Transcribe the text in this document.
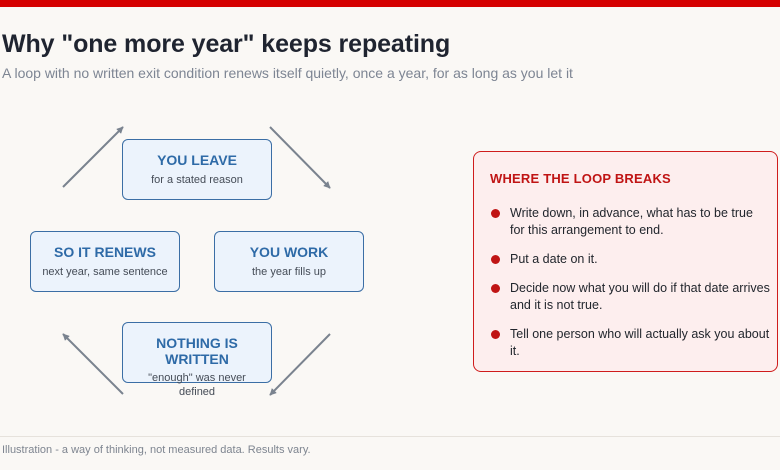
Why "one more year" keeps repeating
A loop with no written exit condition renews itself quietly, once a year, for as long as you let it
YOU LEAVE
for a stated reason
YOU WORK
the year fills up
NOTHING IS WRITTEN
"enough" was never defined
SO IT RENEWS
next year, same sentence
WHERE THE LOOP BREAKS
Write down, in advance, what has to be true for this arrangement to end.
Put a date on it.
Decide now what you will do if that date arrives and it is not true.
Tell one person who will actually ask you about it.
Illustration - a way of thinking, not measured data. Results vary.
